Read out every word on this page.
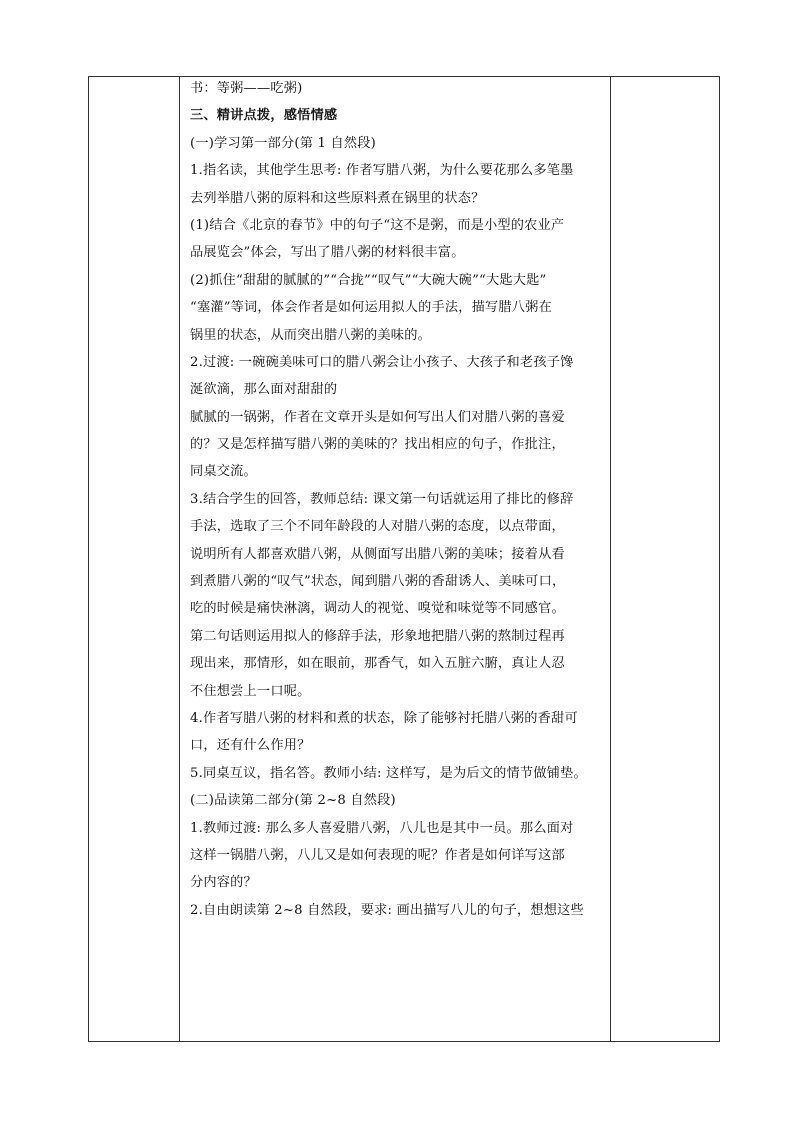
书：等粥——吃粥)
三、精讲点拨，感悟情感
(一)学习第一部分(第 1 自然段)
1.指名读，其他学生思考: 作者写腊八粥，为什么要花那么多笔墨
去列举腊八粥的原料和这些原料煮在锅里的状态？
(1)结合《北京的春节》中的句子“这不是粥，而是小型的农业产
品展览会”体会，写出了腊八粥的材料很丰富。
(2)抓住“甜甜的腻腻的”“合拢”“叹气”“大碗大碗”“大匙大匙”
“塞灌”等词，体会作者是如何运用拟人的手法，描写腊八粥在
锅里的状态，从而突出腊八粥的美味的。
2.过渡: 一碗碗美味可口的腊八粥会让小孩子、大孩子和老孩子馋
涎欲滴，那么面对甜甜的
腻腻的一锅粥，作者在文章开头是如何写出人们对腊八粥的喜爱
的？又是怎样描写腊八粥的美味的？找出相应的句子，作批注，
同桌交流。
3.结合学生的回答，教师总结: 课文第一句话就运用了排比的修辞
手法，选取了三个不同年龄段的人对腊八粥的态度，以点带面，
说明所有人都喜欢腊八粥，从侧面写出腊八粥的美味；接着从看
到煮腊八粥的“叹气”状态，闻到腊八粥的香甜诱人、美味可口，
吃的时候是痛快淋漓，调动人的视觉、嗅觉和味觉等不同感官。
第二句话则运用拟人的修辞手法，形象地把腊八粥的熬制过程再
现出来，那情形，如在眼前，那香气，如入五脏六腑，真让人忍
不住想尝上一口呢。
4.作者写腊八粥的材料和煮的状态，除了能够衬托腊八粥的香甜可
口，还有什么作用？
5.同桌互议，指名答。教师小结: 这样写，是为后文的情节做铺垫。
(二)品读第二部分(第 2~8 自然段)
1.教师过渡: 那么多人喜爱腊八粥，八儿也是其中一员。那么面对
这样一锅腊八粥，八儿又是如何表现的呢？作者是如何详写这部
分内容的？
2.自由朗读第 2~8 自然段，要求: 画出描写八儿的句子，想想这些
